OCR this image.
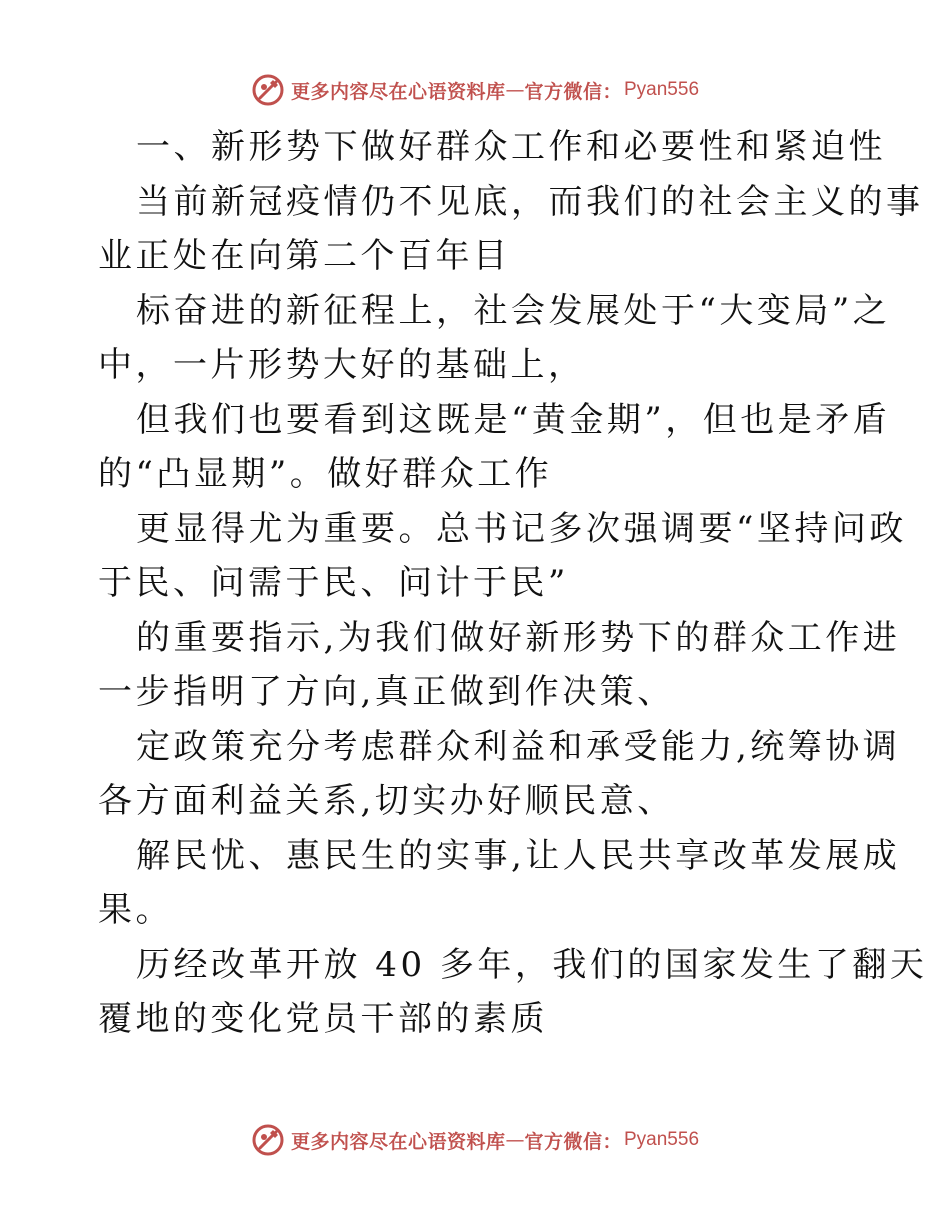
更多内容尽在心语资料库 — 官方微信： Pyan556

一、新形势下做好群众工作和必要性和紧迫性

当前新冠疫情仍不见底，而我们的社会主义的事

业正处在向第二个百年目

标奋进的新征程上，社会发展处于“大变局”之

中，一片形势大好的基础上，

但我们也要看到这既是“黄金期”，但也是矛盾

的“凸显期”。做好群众工作

更显得尤为重要。总书记多次强调要“坚持问政

于民、问需于民、问计于民”

的重要指示,为我们做好新形势下的群众工作进

一步指明了方向,真正做到作决策、

定政策充分考虑群众利益和承受能力,统筹协调

各方面利益关系,切实办好顺民意、

解民忧、惠民生的实事,让人民共享改革发展成

果。

历经改革开放 40 多年，我们的国家发生了翻天

覆地的变化党员干部的素质

更多内容尽在心语资料库 — 官方微信： Pyan556
